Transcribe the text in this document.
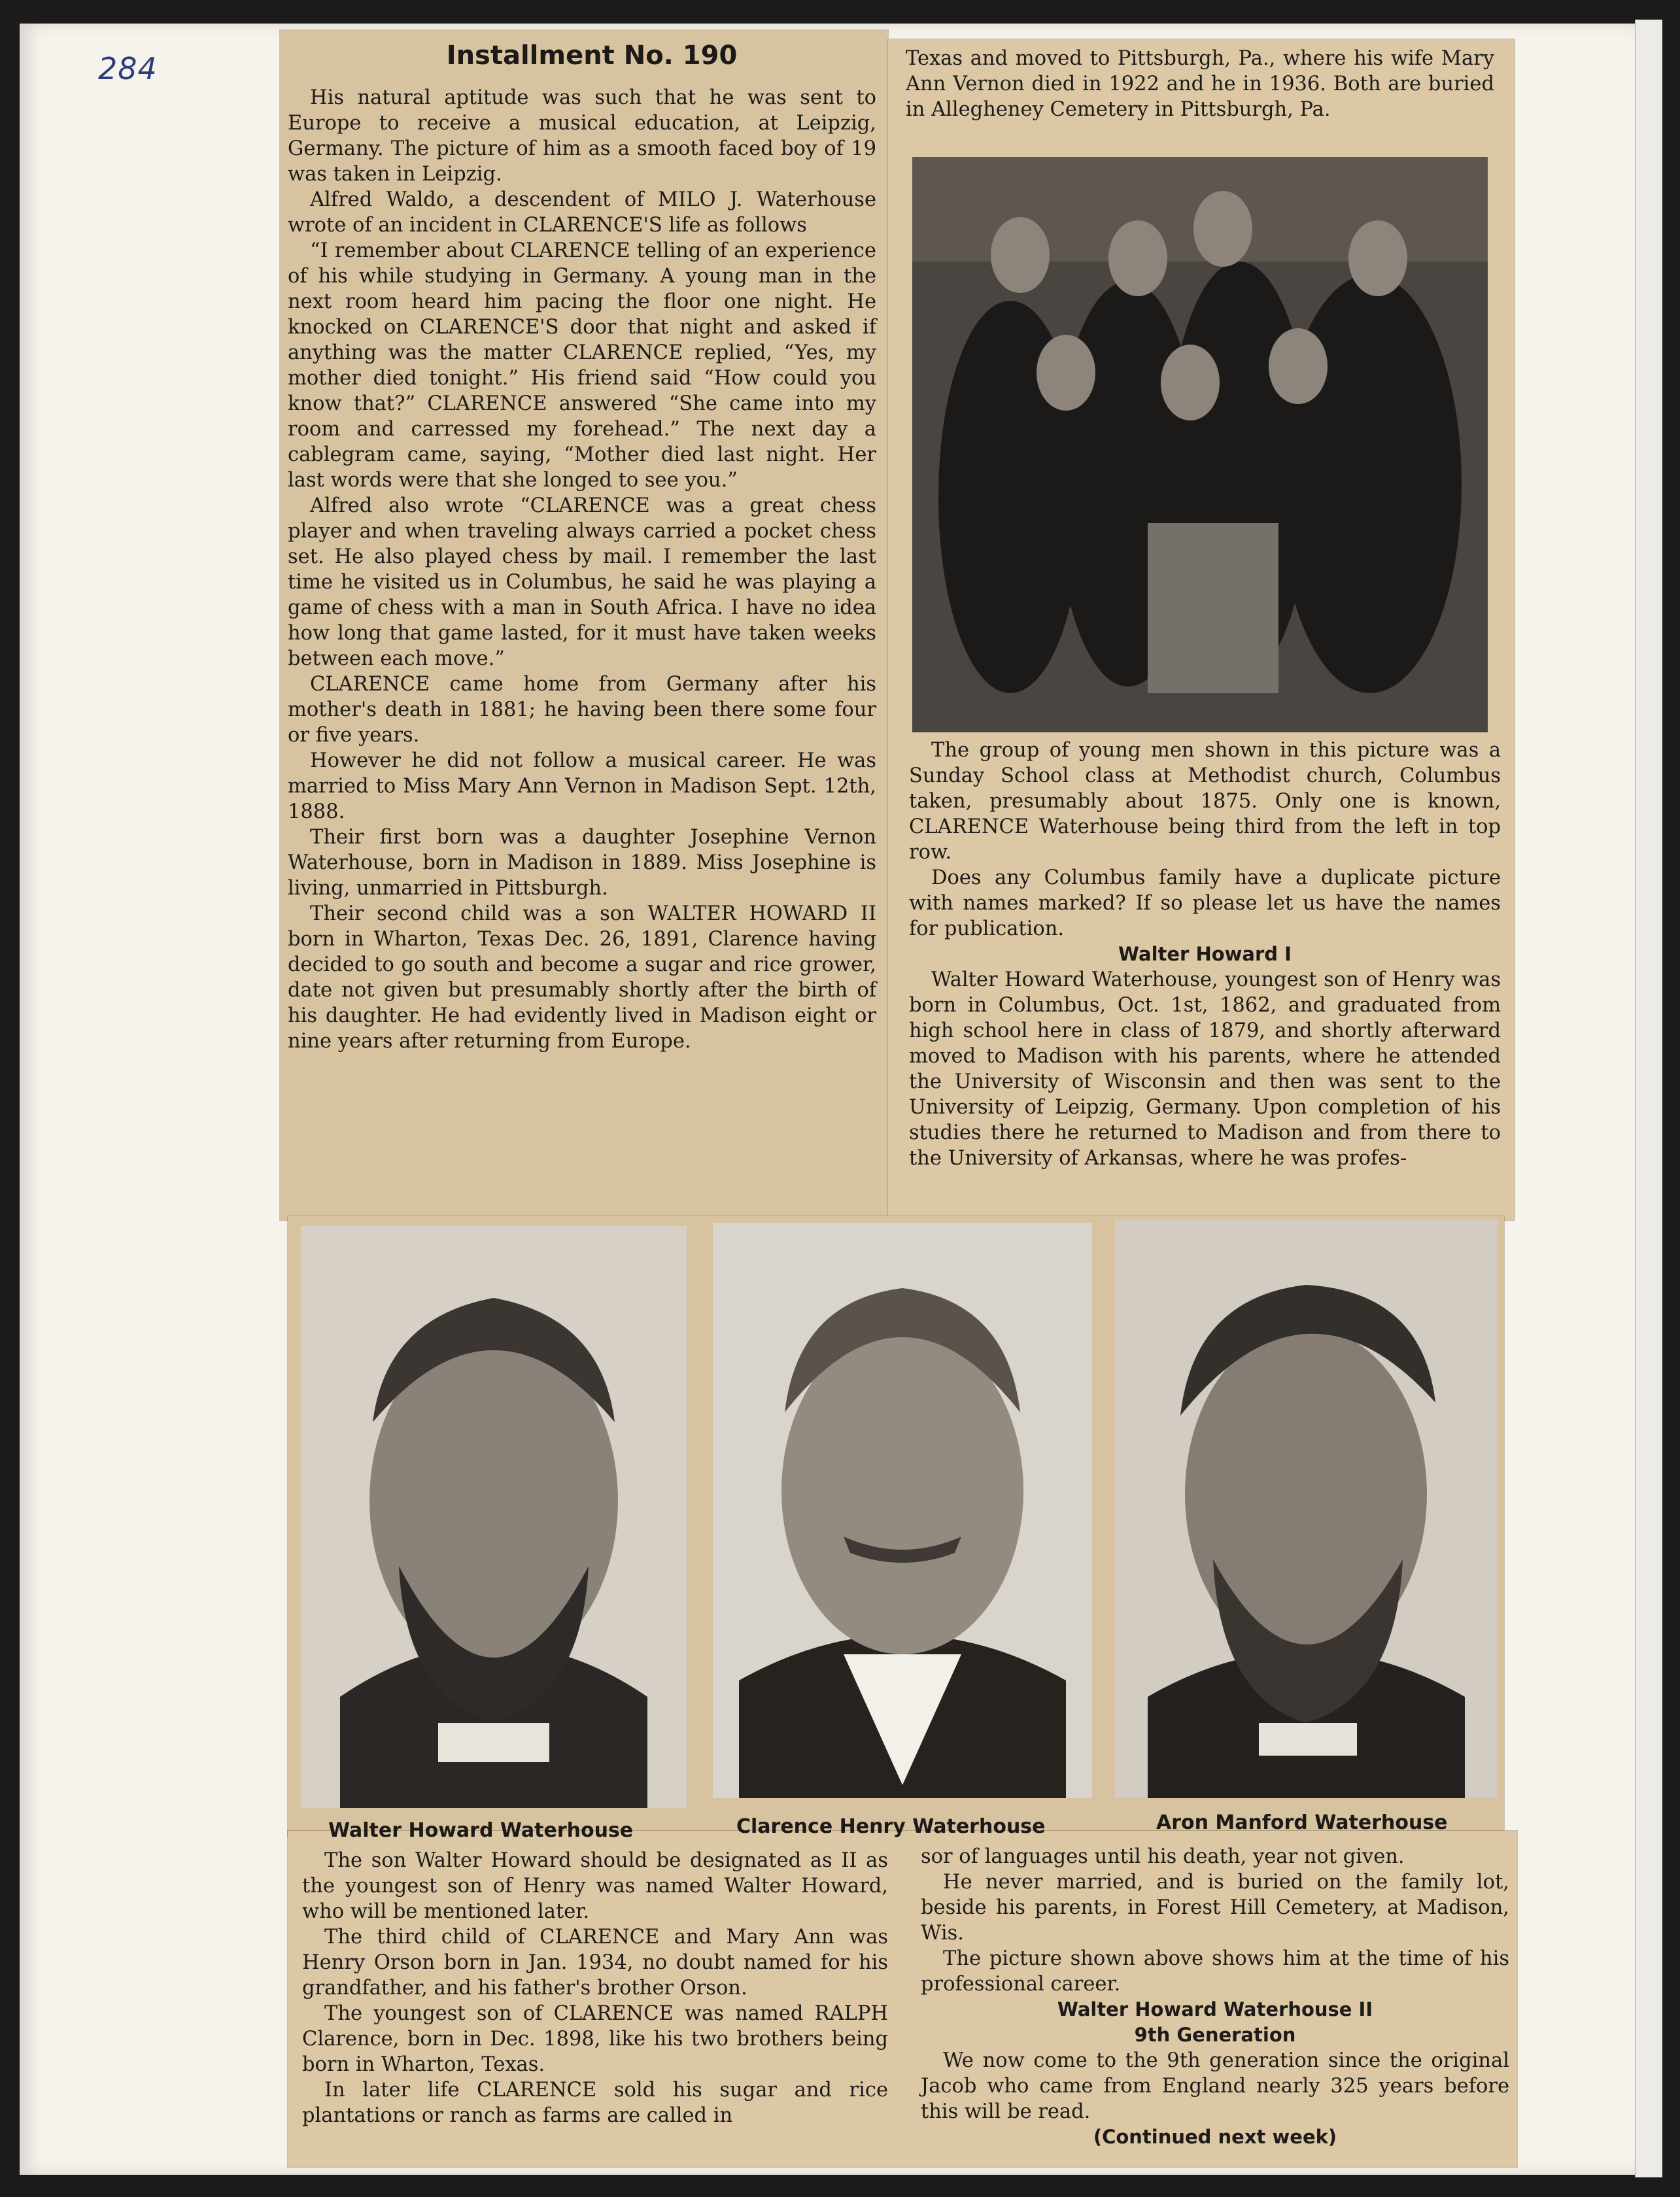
284	Installment No. 190

His natural aptitude was such that he was sent to Europe to receive a musical education, at Leipzig, Germany. The picture of him as a smooth faced boy of 19 was taken in Leipzig.

Alfred Waldo, a descendent of MILO J. Waterhouse wrote of an incident in CLARENCE'S life as follows

“I remember about CLARENCE telling of an experience of his while studying in Germany. A young man in the next room heard him pacing the floor one night. He knocked on CLARENCE'S door that night and asked if anything was the matter CLARENCE replied, “Yes, my mother died tonight.” His friend said “How could you know that?” CLARENCE answered “She came into my room and carressed my forehead.” The next day a cablegram came, saying, “Mother died last night. Her last words were that she longed to see you.”

Alfred also wrote “CLARENCE was a great chess player and when traveling always carried a pocket chess set. He also played chess by mail. I remember the last time he visited us in Columbus, he said he was playing a game of chess with a man in South Africa. I have no idea how long that game lasted, for it must have taken weeks between each move.”

CLARENCE came home from Germany after his mother's death in 1881; he having been there some four or five years.

However he did not follow a musical career. He was married to Miss Mary Ann Vernon in Madison Sept. 12th, 1888.

Their first born was a daughter Josephine Vernon Waterhouse, born in Madison in 1889. Miss Josephine is living, unmarried in Pittsburgh.

Their second child was a son WALTER HOWARD II born in Wharton, Texas Dec. 26, 1891, Clarence having decided to go south and become a sugar and rice grower, date not given but presumably shortly after the birth of his daughter. He had evidently lived in Madison eight or nine years after returning from Europe.

Texas and moved to Pittsburgh, Pa., where his wife Mary Ann Vernon died in 1922 and he in 1936. Both are buried in Allegheney Cemetery in Pittsburgh, Pa.

The group of young men shown in this picture was a Sunday School class at Methodist church, Columbus taken, presumably about 1875. Only one is known, CLARENCE Waterhouse being third from the left in top row.

Does any Columbus family have a duplicate picture with names marked? If so please let us have the names for publication.

Walter Howard I

Walter Howard Waterhouse, youngest son of Henry was born in Columbus, Oct. 1st, 1862, and graduated from high school here in class of 1879, and shortly afterward moved to Madison with his parents, where he attended the University of Wisconsin and then was sent to the University of Leipzig, Germany. Upon completion of his studies there he returned to Madison and from there to the University of Arkansas, where he was profes-

Walter Howard Waterhouse	Clarence Henry Waterhouse	Aron Manford Waterhouse

The son Walter Howard should be designated as II as the youngest son of Henry was named Walter Howard, who will be mentioned later.

The third child of CLARENCE and Mary Ann was Henry Orson born in Jan. 1934, no doubt named for his grandfather, and his father's brother Orson.

The youngest son of CLARENCE was named RALPH Clarence, born in Dec. 1898, like his two brothers being born in Wharton, Texas.

In later life CLARENCE sold his sugar and rice plantations or ranch as farms are called in

sor of languages until his death, year not given.

He never married, and is buried on the family lot, beside his parents, in Forest Hill Cemetery, at Madison, Wis.

The picture shown above shows him at the time of his professional career.

Walter Howard Waterhouse II

9th Generation

We now come to the 9th generation since the original Jacob who came from England nearly 325 years before this will be read.

(Continued next week)
